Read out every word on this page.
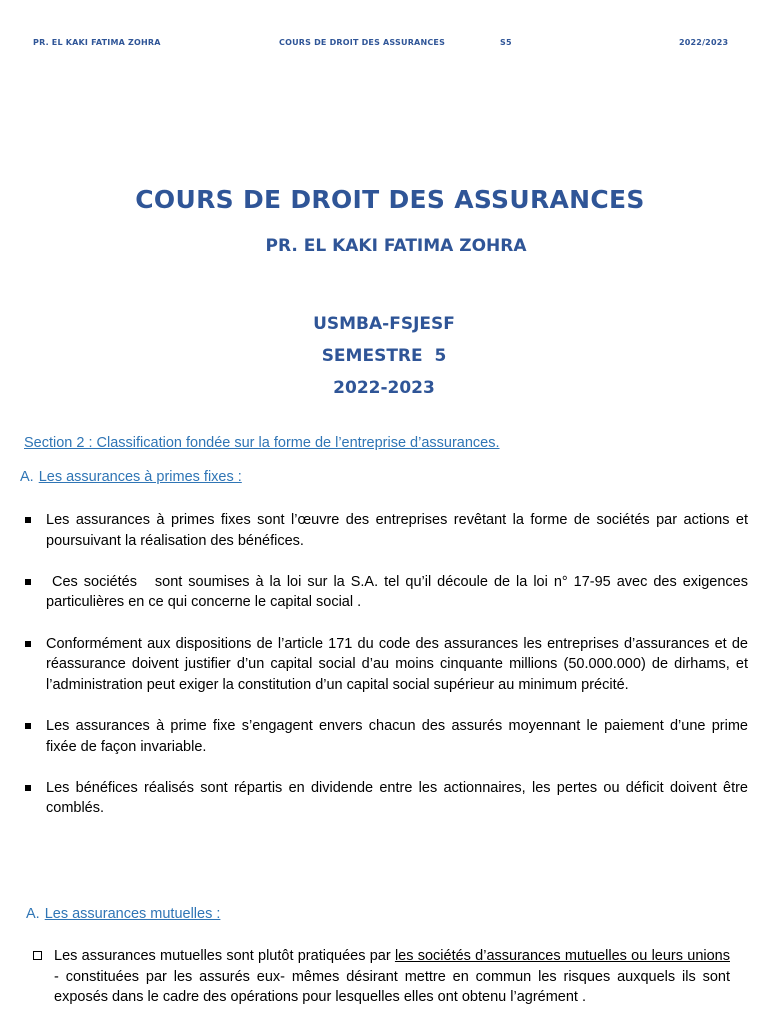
PR. EL KAKI FATIMA ZOHRA	COURS DE DROIT DES ASSURANCES	S5	2022/2023
COURS DE DROIT DES ASSURANCES
PR. EL KAKI FATIMA ZOHRA
USMBA-FSJESF
SEMESTRE  5
2022-2023
Section 2 : Classification fondée sur la forme de l’entreprise d’assurances.
A. Les assurances à primes fixes :
Les assurances à primes fixes sont l’œuvre des entreprises revêtant la forme de sociétés par actions et poursuivant la réalisation des bénéfices.
Ces sociétés   sont soumises à la loi sur la S.A. tel qu’il découle de la loi n° 17-95 avec des exigences particulières en ce qui concerne le capital social .
Conformément aux dispositions de l’article 171 du code des assurances les entreprises d’assurances et de réassurance doivent justifier d’un capital social d’au moins cinquante millions (50.000.000) de dirhams, et l’administration peut exiger la constitution d’un capital social supérieur au minimum précité.
Les assurances à prime fixe s’engagent envers chacun des assurés moyennant le paiement d’une prime fixée de façon invariable.
Les bénéfices réalisés sont répartis en dividende entre les actionnaires, les pertes ou déficit doivent être comblés.
A. Les assurances mutuelles :
Les assurances mutuelles sont plutôt pratiquées par les sociétés d’assurances mutuelles ou leurs unions - constituées par les assurés eux- mêmes désirant mettre en commun les risques auxquels ils sont exposés dans le cadre des opérations pour lesquelles elles ont obtenu l’agrément .
